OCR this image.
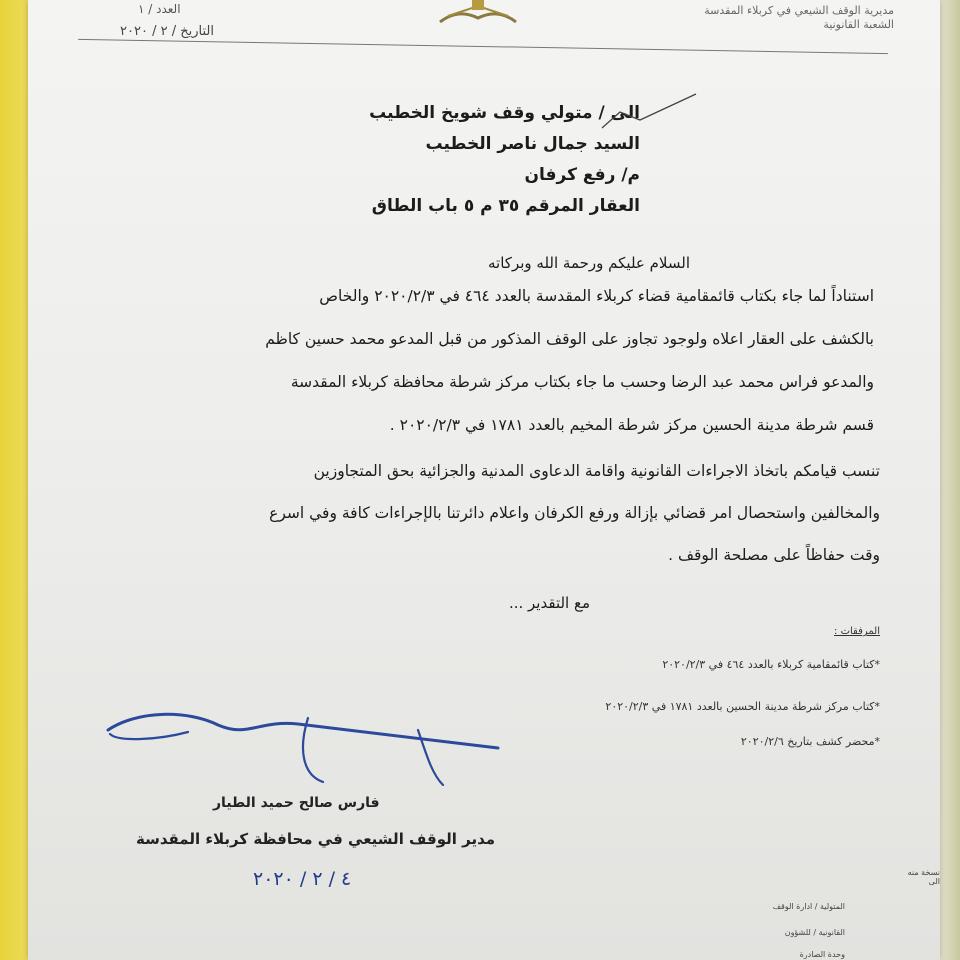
العدد / ١
التاريخ / ٢ / ٢٠٢٠
مديرية الوقف الشيعي في كربلاء المقدسة
الشعبة القانونية
الى / متولي وقف شويخ الخطيب
السيد جمال ناصر الخطيب
م/ رفع كرفان
العقار المرقم ٣٥ م ٥ باب الطاق
السلام عليكم ورحمة الله وبركاته
استناداً لما جاء بكتاب قائمقامية قضاء كربلاء المقدسة بالعدد ٤٦٤ في ٢٠٢٠/٢/٣ والخاص
بالكشف على العقار اعلاه ولوجود تجاوز على الوقف المذكور من قبل المدعو محمد حسين كاظم
والمدعو فراس محمد عبد الرضا وحسب ما جاء بكتاب مركز شرطة محافظة كربلاء المقدسة
قسم شرطة مدينة الحسين مركز شرطة المخيم بالعدد ١٧٨١ في ٢٠٢٠/٢/٣ .
تنسب قيامكم باتخاذ الاجراءات القانونية واقامة الدعاوى المدنية والجزائية بحق المتجاوزين
والمخالفين واستحصال امر قضائي بإزالة ورفع الكرفان واعلام دائرتنا بالإجراءات كافة وفي اسرع
وقت حفاظاً على مصلحة الوقف .
مع التقدير ...
المرفقات :
*كتاب قائمقامية كربلاء بالعدد ٤٦٤ في ٢٠٢٠/٢/٣
*كتاب مركز شرطة مدينة الحسين بالعدد ١٧٨١ في ٢٠٢٠/٢/٣
*محضر كشف بتاريخ ٢٠٢٠/٢/٦
فارس صالح حميد الطيار
مدير الوقف الشيعي في محافظة كربلاء المقدسة
٤ / ٢ / ٢٠٢٠	نسخة منه الى
المتولية / ادارة الوقف
القانونية / للشؤون
وحدة الصادرة
